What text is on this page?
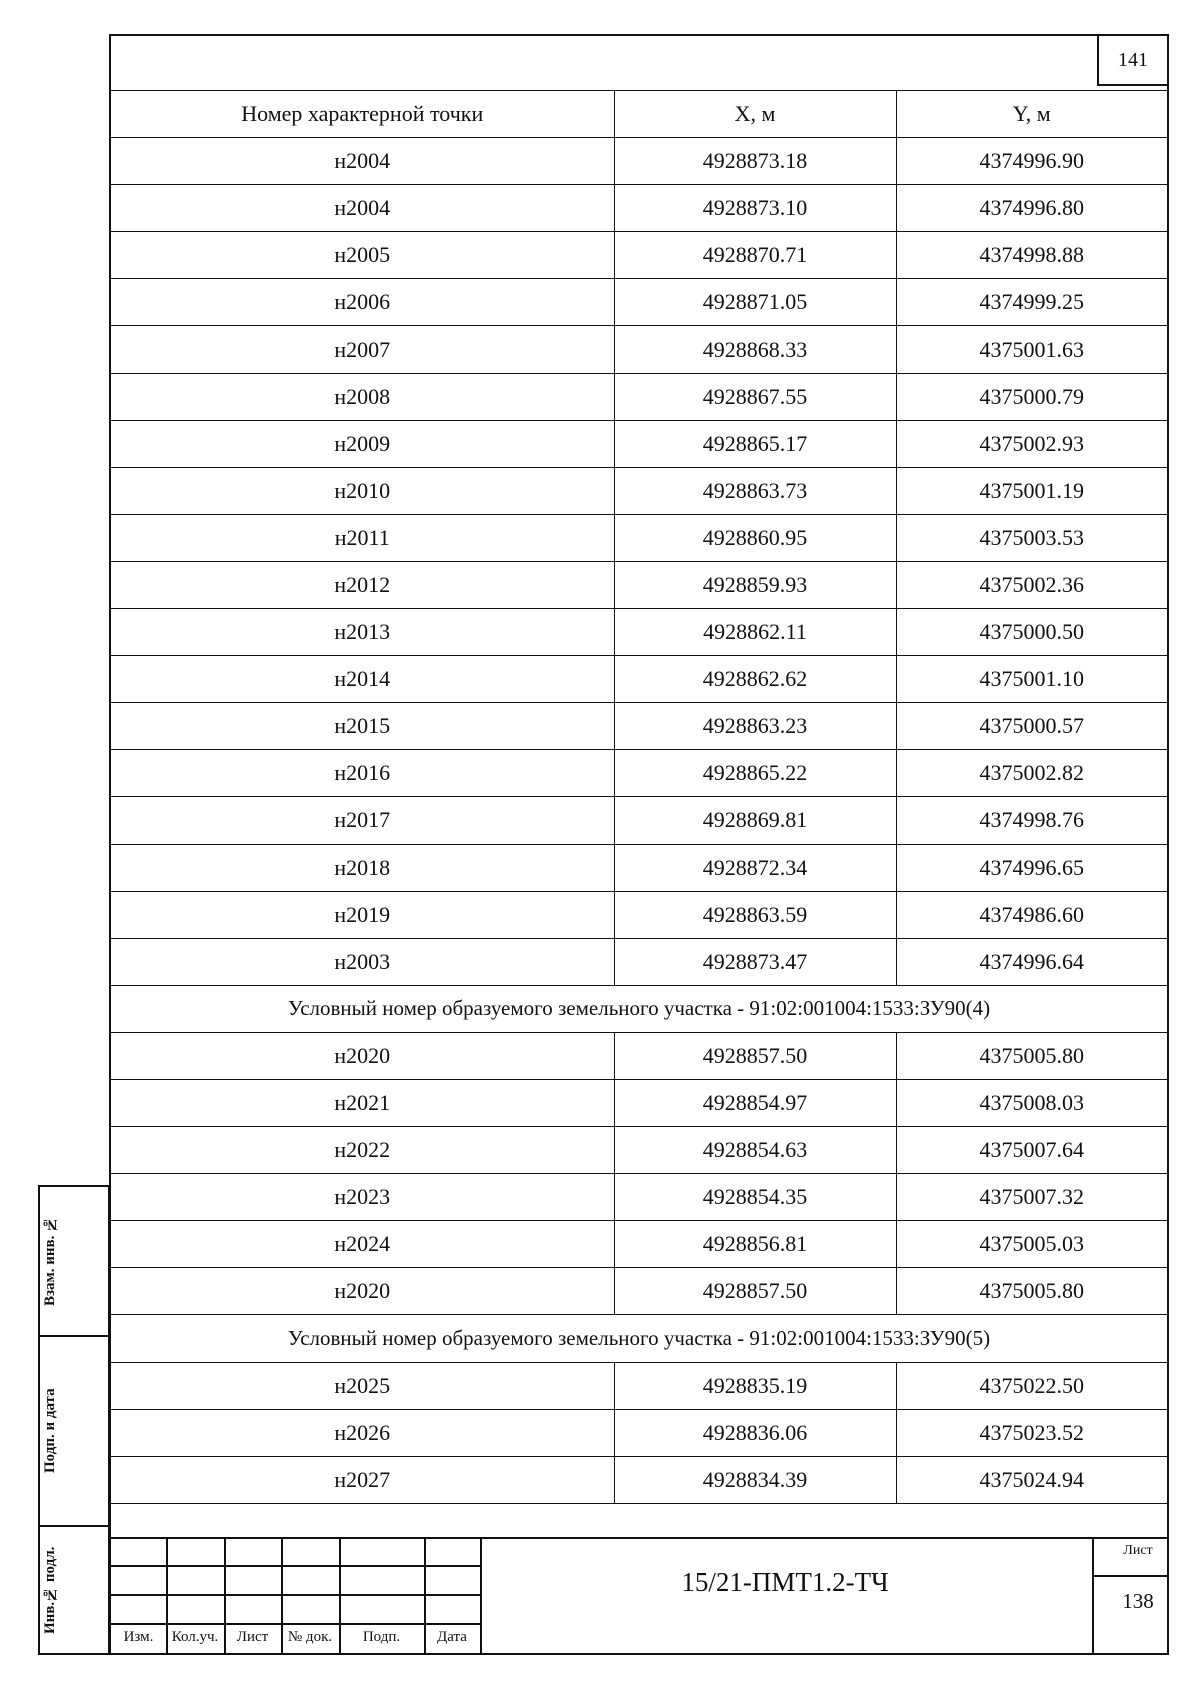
141
Номер характерной точки	X, м	Y, м
н2004	4928873.18	4374996.90
н2004	4928873.10	4374996.80
н2005	4928870.71	4374998.88
н2006	4928871.05	4374999.25
н2007	4928868.33	4375001.63
н2008	4928867.55	4375000.79
н2009	4928865.17	4375002.93
н2010	4928863.73	4375001.19
н2011	4928860.95	4375003.53
н2012	4928859.93	4375002.36
н2013	4928862.11	4375000.50
н2014	4928862.62	4375001.10
н2015	4928863.23	4375000.57
н2016	4928865.22	4375002.82
н2017	4928869.81	4374998.76
н2018	4928872.34	4374996.65
н2019	4928863.59	4374986.60
н2003	4928873.47	4374996.64
Условный номер образуемого земельного участка - 91:02:001004:1533:ЗУ90(4)		
н2020	4928857.50	4375005.80
н2021	4928854.97	4375008.03
н2022	4928854.63	4375007.64
н2023	4928854.35	4375007.32
н2024	4928856.81	4375005.03
н2020	4928857.50	4375005.80
Условный номер образуемого земельного участка - 91:02:001004:1533:ЗУ90(5)		
н2025	4928835.19	4375022.50
н2026	4928836.06	4375023.52
н2027	4928834.39	4375024.94
Изм.	Кол.уч.	Лист	№ док.	Подп.	Дата
15/21-ПМТ1.2-ТЧ
Лист
138
Взам. инв. №
Подп. и дата
Инв.№ подл.
